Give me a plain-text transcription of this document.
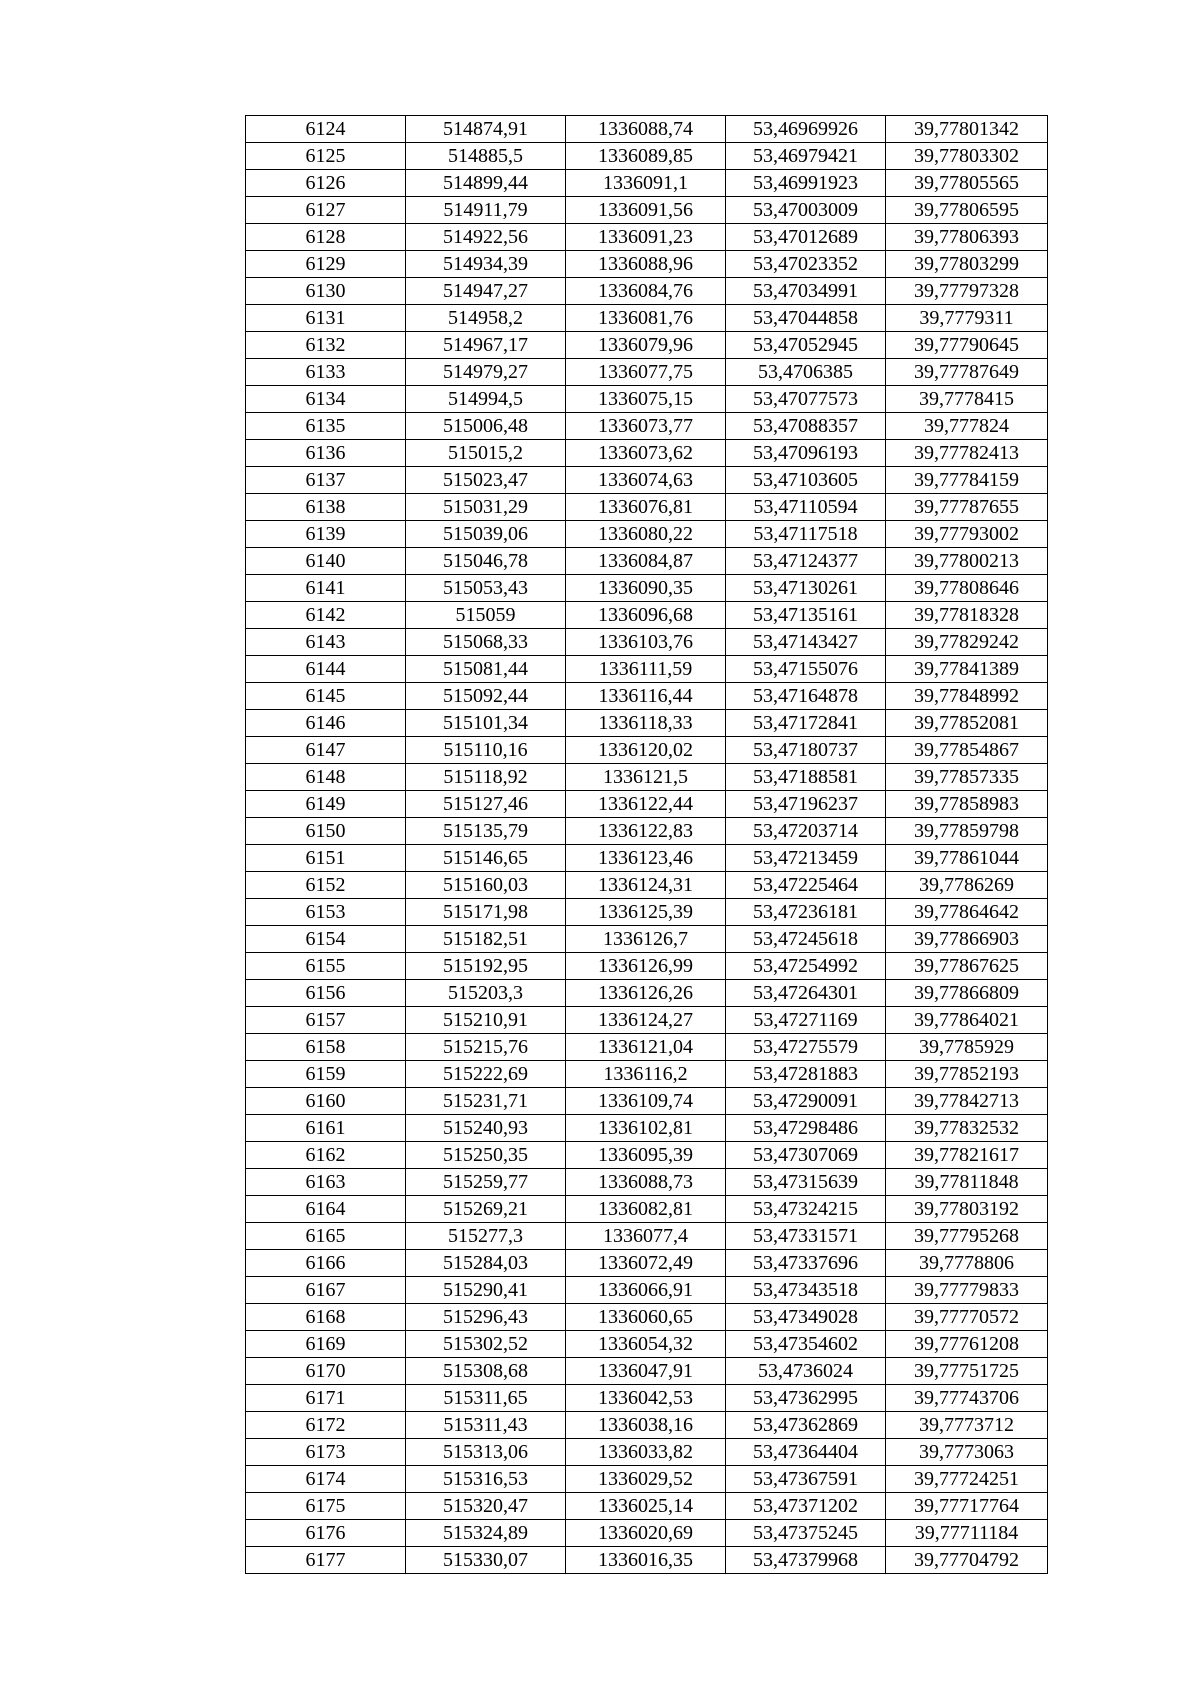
6124	514874,91	1336088,74	53,46969926	39,77801342
6125	514885,5	1336089,85	53,46979421	39,77803302
6126	514899,44	1336091,1	53,46991923	39,77805565
6127	514911,79	1336091,56	53,47003009	39,77806595
6128	514922,56	1336091,23	53,47012689	39,77806393
6129	514934,39	1336088,96	53,47023352	39,77803299
6130	514947,27	1336084,76	53,47034991	39,77797328
6131	514958,2	1336081,76	53,47044858	39,7779311
6132	514967,17	1336079,96	53,47052945	39,77790645
6133	514979,27	1336077,75	53,4706385	39,77787649
6134	514994,5	1336075,15	53,47077573	39,7778415
6135	515006,48	1336073,77	53,47088357	39,777824
6136	515015,2	1336073,62	53,47096193	39,77782413
6137	515023,47	1336074,63	53,47103605	39,77784159
6138	515031,29	1336076,81	53,47110594	39,77787655
6139	515039,06	1336080,22	53,47117518	39,77793002
6140	515046,78	1336084,87	53,47124377	39,77800213
6141	515053,43	1336090,35	53,47130261	39,77808646
6142	515059	1336096,68	53,47135161	39,77818328
6143	515068,33	1336103,76	53,47143427	39,77829242
6144	515081,44	1336111,59	53,47155076	39,77841389
6145	515092,44	1336116,44	53,47164878	39,77848992
6146	515101,34	1336118,33	53,47172841	39,77852081
6147	515110,16	1336120,02	53,47180737	39,77854867
6148	515118,92	1336121,5	53,47188581	39,77857335
6149	515127,46	1336122,44	53,47196237	39,77858983
6150	515135,79	1336122,83	53,47203714	39,77859798
6151	515146,65	1336123,46	53,47213459	39,77861044
6152	515160,03	1336124,31	53,47225464	39,7786269
6153	515171,98	1336125,39	53,47236181	39,77864642
6154	515182,51	1336126,7	53,47245618	39,77866903
6155	515192,95	1336126,99	53,47254992	39,77867625
6156	515203,3	1336126,26	53,47264301	39,77866809
6157	515210,91	1336124,27	53,47271169	39,77864021
6158	515215,76	1336121,04	53,47275579	39,7785929
6159	515222,69	1336116,2	53,47281883	39,77852193
6160	515231,71	1336109,74	53,47290091	39,77842713
6161	515240,93	1336102,81	53,47298486	39,77832532
6162	515250,35	1336095,39	53,47307069	39,77821617
6163	515259,77	1336088,73	53,47315639	39,77811848
6164	515269,21	1336082,81	53,47324215	39,77803192
6165	515277,3	1336077,4	53,47331571	39,77795268
6166	515284,03	1336072,49	53,47337696	39,7778806
6167	515290,41	1336066,91	53,47343518	39,77779833
6168	515296,43	1336060,65	53,47349028	39,77770572
6169	515302,52	1336054,32	53,47354602	39,77761208
6170	515308,68	1336047,91	53,4736024	39,77751725
6171	515311,65	1336042,53	53,47362995	39,77743706
6172	515311,43	1336038,16	53,47362869	39,7773712
6173	515313,06	1336033,82	53,47364404	39,7773063
6174	515316,53	1336029,52	53,47367591	39,77724251
6175	515320,47	1336025,14	53,47371202	39,77717764
6176	515324,89	1336020,69	53,47375245	39,77711184
6177	515330,07	1336016,35	53,47379968	39,77704792
